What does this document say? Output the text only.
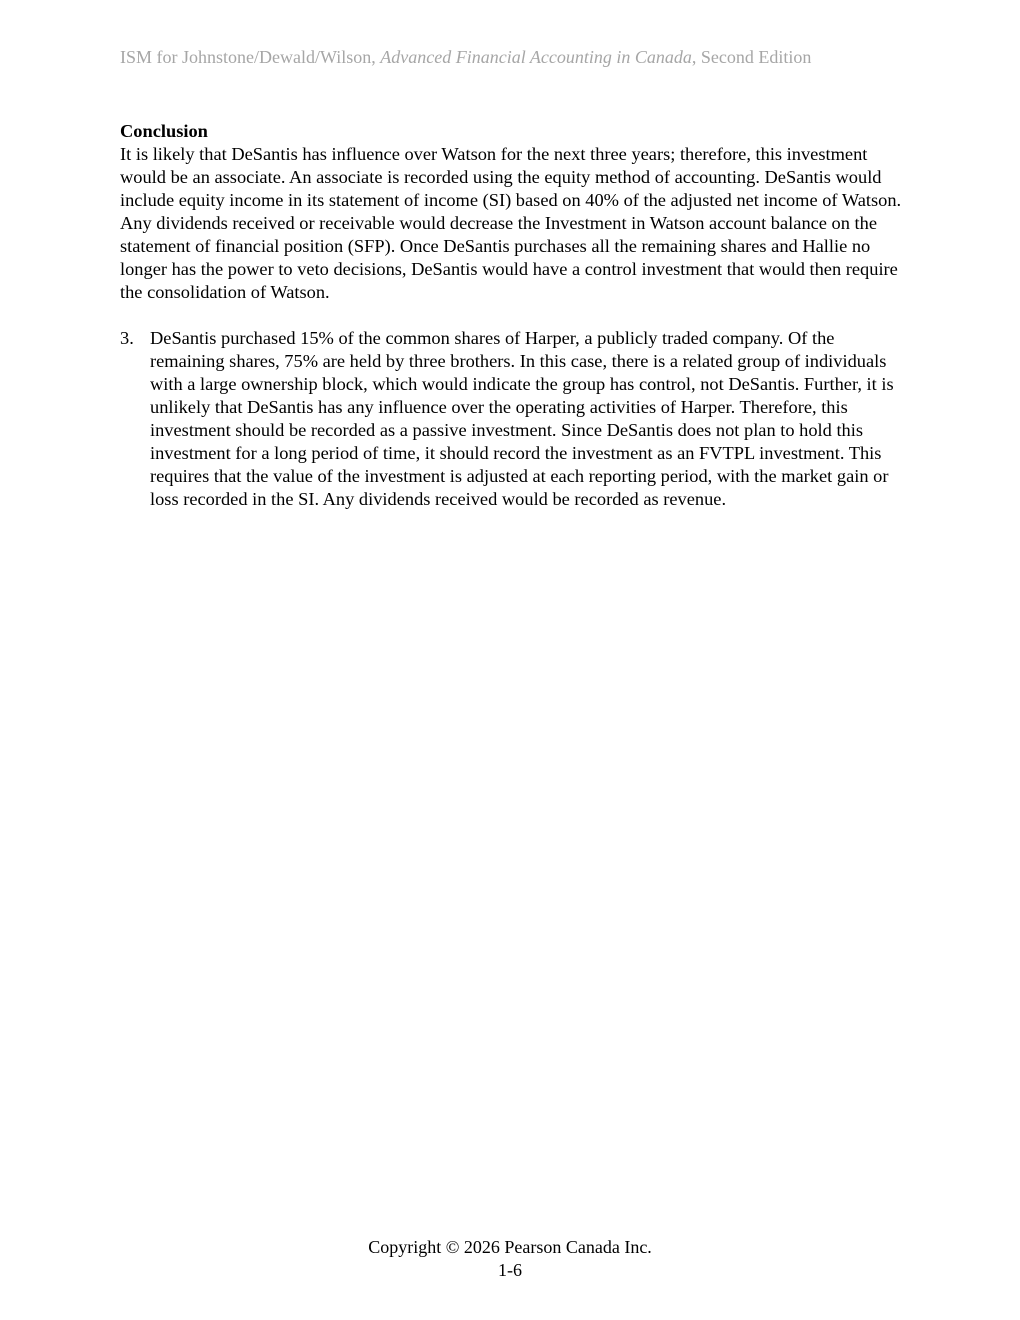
ISM for Johnstone/Dewald/Wilson, Advanced Financial Accounting in Canada, Second Edition

Conclusion

It is likely that DeSantis has influence over Watson for the next three years; therefore, this investment would be an associate. An associate is recorded using the equity method of accounting. DeSantis would include equity income in its statement of income (SI) based on 40% of the adjusted net income of Watson. Any dividends received or receivable would decrease the Investment in Watson account balance on the statement of financial position (SFP). Once DeSantis purchases all the remaining shares and Hallie no longer has the power to veto decisions, DeSantis would have a control investment that would then require the consolidation of Watson.

3. DeSantis purchased 15% of the common shares of Harper, a publicly traded company. Of the remaining shares, 75% are held by three brothers. In this case, there is a related group of individuals with a large ownership block, which would indicate the group has control, not DeSantis. Further, it is unlikely that DeSantis has any influence over the operating activities of Harper. Therefore, this investment should be recorded as a passive investment. Since DeSantis does not plan to hold this investment for a long period of time, it should record the investment as an FVTPL investment. This requires that the value of the investment is adjusted at each reporting period, with the market gain or loss recorded in the SI. Any dividends received would be recorded as revenue.

Copyright © 2026 Pearson Canada Inc.
1-6
